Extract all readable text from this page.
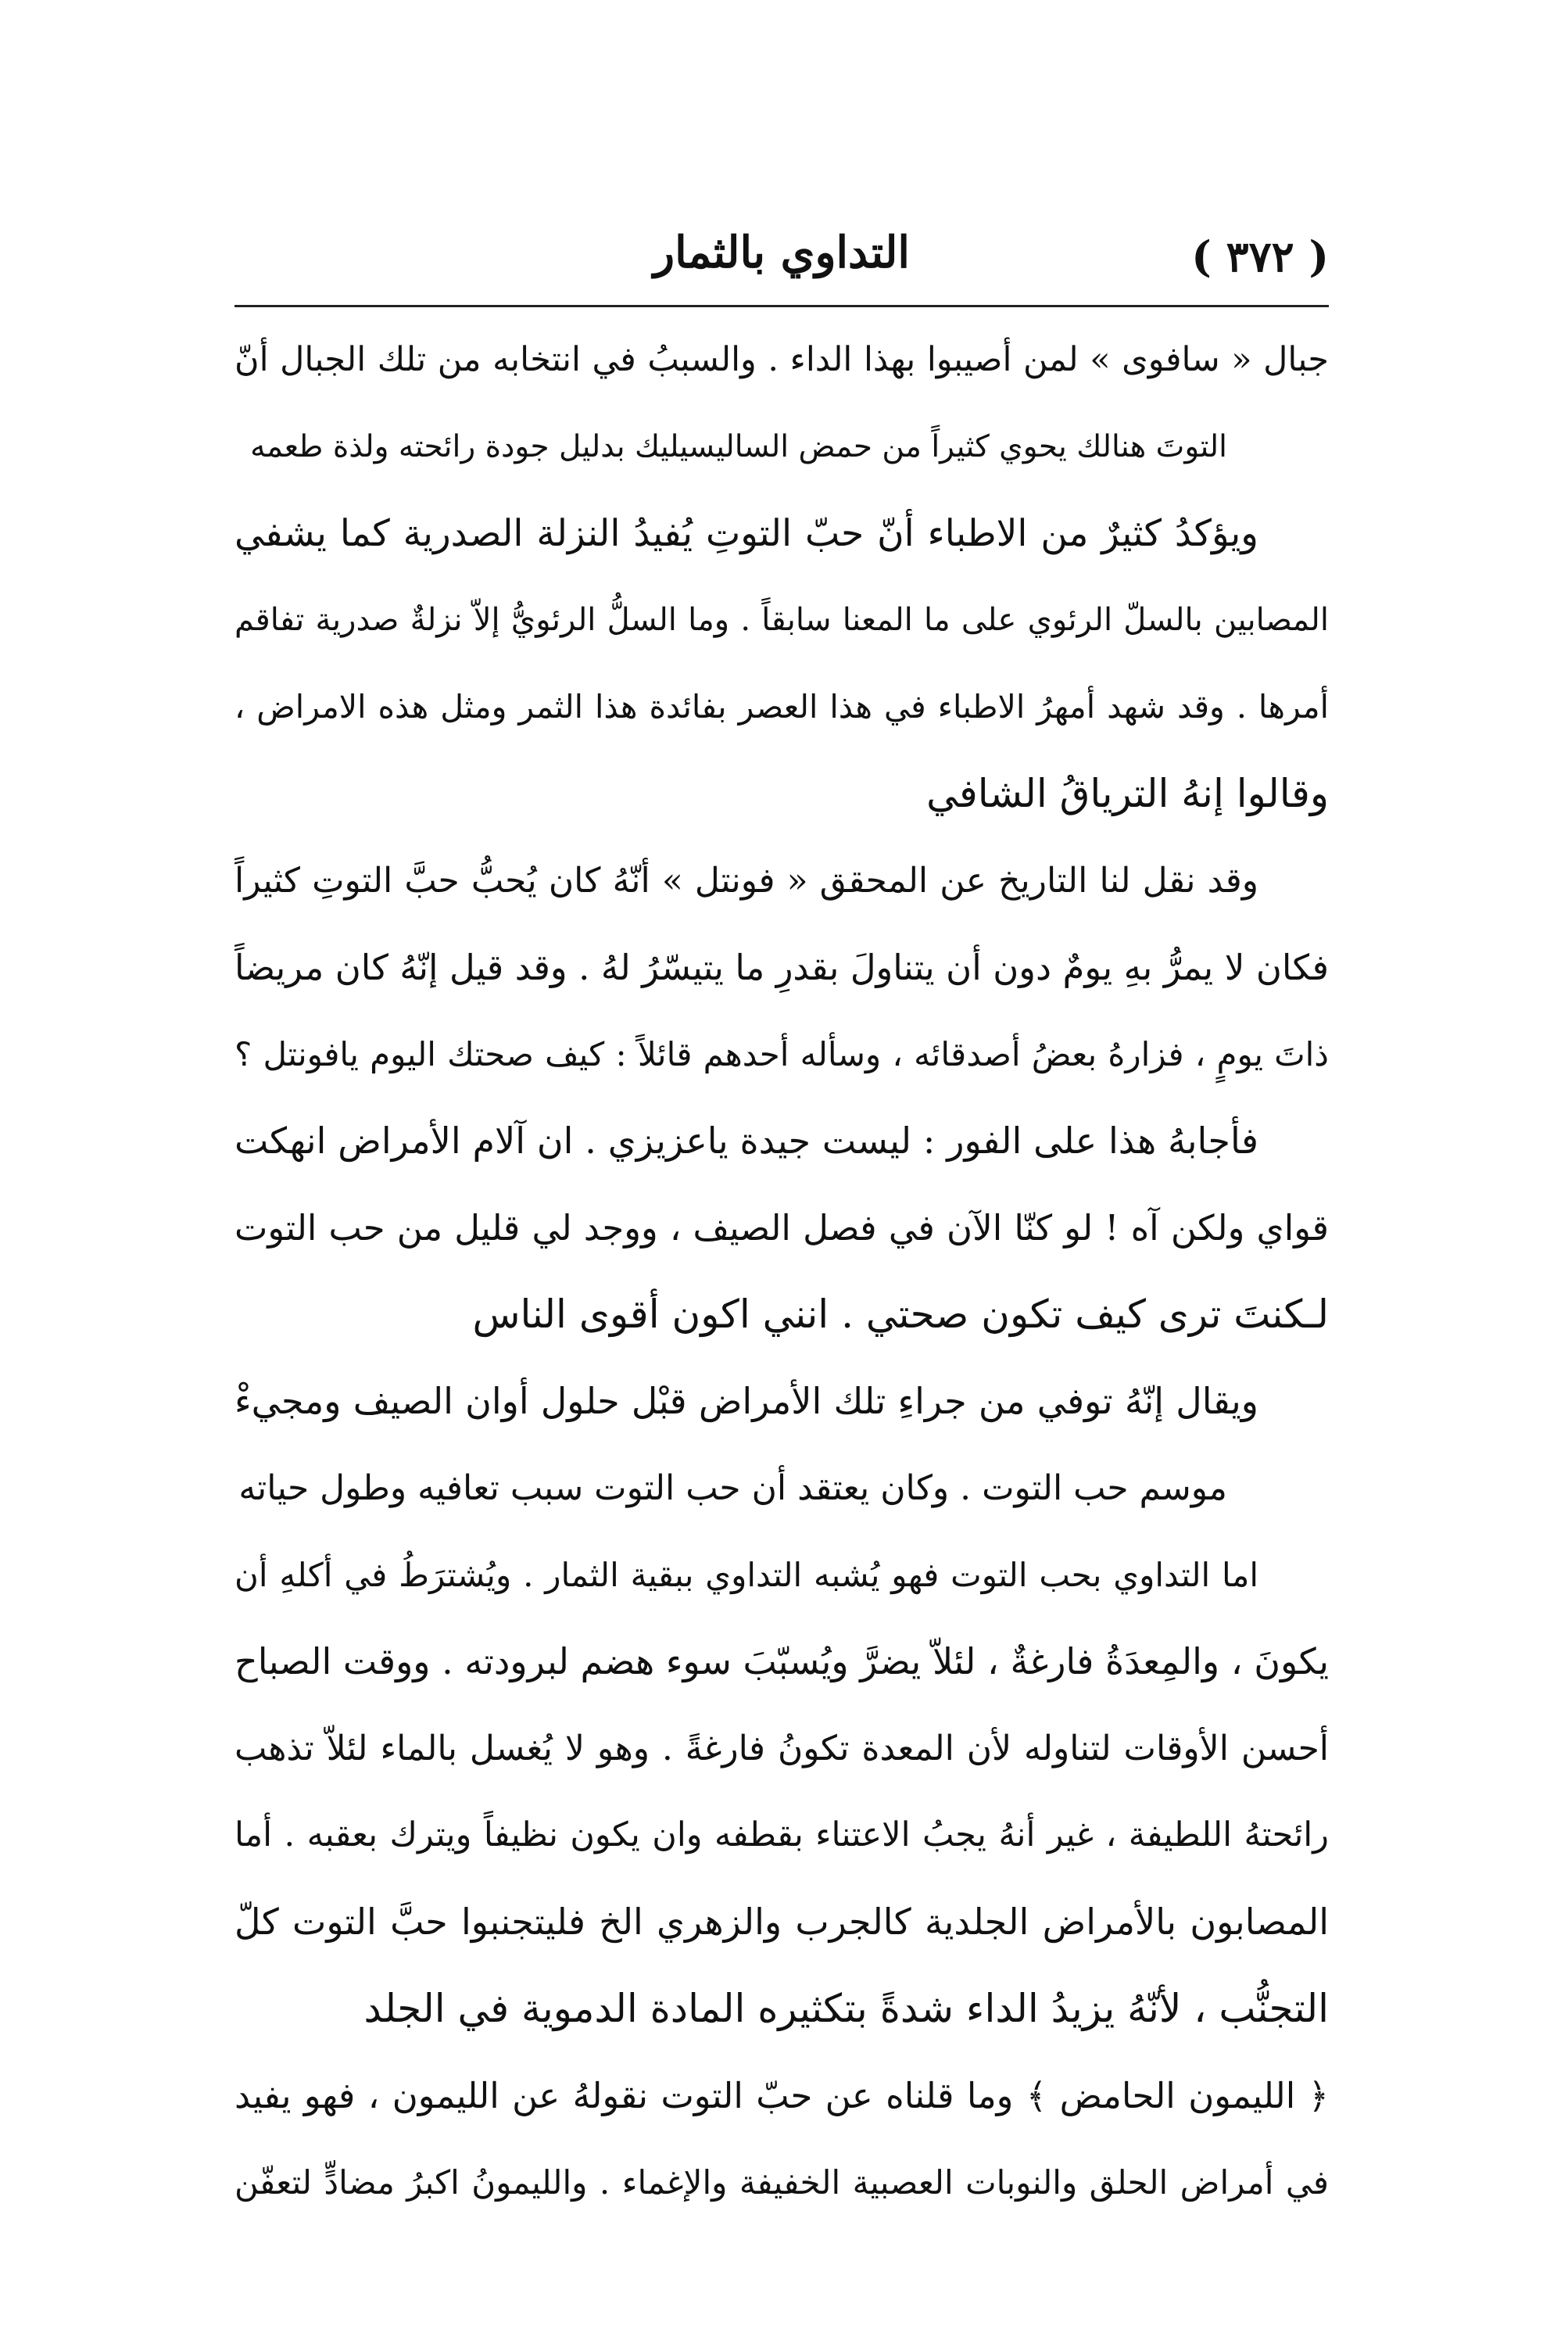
( ٣٧٢ )
التداوي بالثمار
جبال « سافوى » لمن أصيبوا بهذا الداء . والسببُ في انتخابه من تلك الجبال أنّ
التوتَ هنالك يحوي كثيراً من حمض الساليسيليك بدليل جودة رائحته ولذة طعمه
ويؤكدُ كثيرٌ من الاطباء أنّ حبّ التوتِ يُفيدُ النزلة الصدرية كما يشفي
المصابين بالسلّ الرئوي على ما المعنا سابقاً . وما السلُّ الرئويُّ إلاّ نزلةٌ صدرية تفاقم
أمرها . وقد شهد أمهرُ الاطباء في هذا العصر بفائدة هذا الثمر ومثل هذه الامراض ،
وقالوا إنهُ الترياقُ الشافي
وقد نقل لنا التاريخ عن المحقق « فونتل » أنّهُ كان يُحبُّ حبَّ التوتِ كثيراً
فكان لا يمرُّ بهِ يومٌ دون أن يتناولَ بقدرِ ما يتيسّرُ لهُ . وقد قيل إنّهُ كان مريضاً
ذاتَ يومٍ ، فزارهُ بعضُ أصدقائه ، وسأله أحدهم قائلاً : كيف صحتك اليوم يافونتل ؟
فأجابهُ هذا على الفور : ليست جيدة ياعزيزي . ان آلام الأمراض انهكت
قواي ولكن آه ! لو كنّا الآن في فصل الصيف ، ووجد لي قليل من حب التوت
لـكنتَ ترى كيف تكون صحتي . انني اكون أقوى الناس
ويقال إنّهُ توفي من جراءِ تلك الأمراض قبْل حلول أوان الصيف ومجيءْ
موسم حب التوت . وكان يعتقد أن حب التوت سبب تعافيه وطول حياته
اما التداوي بحب التوت فهو يُشبه التداوي ببقية الثمار . ويُشترَطُ في أكلهِ أن
يكونَ ، والمِعدَةُ فارغةٌ ، لئلاّ يضرَّ ويُسبّبَ سوء هضم لبرودته . ووقت الصباح
أحسن الأوقات لتناوله لأن المعدة تكونُ فارغةً . وهو لا يُغسل بالماء لئلاّ تذهب
رائحتهُ اللطيفة ، غير أنهُ يجبُ الاعتناء بقطفه وان يكون نظيفاً ويترك بعقبه . أما
المصابون بالأمراض الجلدية كالجرب والزهري الخ فليتجنبوا حبَّ التوت كلّ
التجنُّب ، لأنّهُ يزيدُ الداء شدةً بتكثيره المادة الدموية في الجلد
﴿ الليمون الحامض ﴾ وما قلناه عن حبّ التوت نقولهُ عن الليمون ، فهو يفيد
في أمراض الحلق والنوبات العصبية الخفيفة والإغماء . والليمونُ اكبرُ مضادٍّ لتعفّن
